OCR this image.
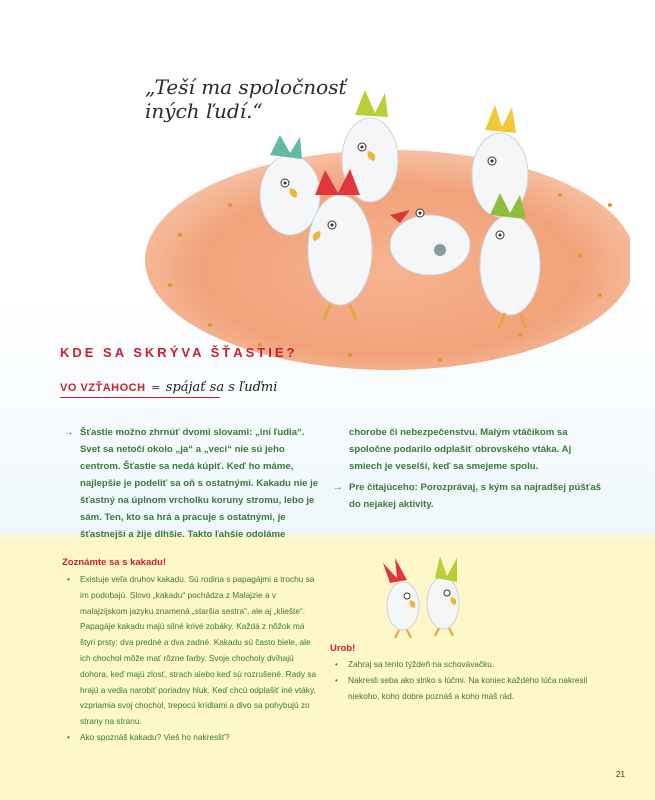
„Teší ma spoločnosť
iných ľudí.“
KDE SA SKRÝVA ŠŤASTIE?
VO VZŤAHOCH = spájať sa s ľuďmi
→ Šťastie možno zhrnúť dvomi slovami: „iní ľudia“. Svet sa netočí okolo „ja“ a „veci“ nie sú jeho centrom. Šťastie sa nedá kúpiť. Keď ho máme, najlepšie je podeliť sa oň s ostatnými. Kakadu nie je šťastný na úplnom vrcholku koruny stromu, lebo je sám. Ten, kto sa hrá a pracuje s ostatnými, je šťastnejší a žije dlhšie. Takto ľahšie odoláme
chorobe či nebezpečenstvu. Malým vtáčikom sa spoločne podarilo odplašiť obrovského vtáka. Aj smiech je veselší, keď sa smejeme spolu.
→ Pre čitajúceho: Porozprávaj, s kým sa najradšej púšťaš do nejakej aktivity.
Zoznámte sa s kakadu!
• Existuje veľa druhov kakadu. Sú rodina s papagájmi a trochu sa im podobajú. Slovo „kakadu“ pochádza z Malajzie a v malajzijskom jazyku znamená „staršia sestra“, ale aj „kliešte“. Papagáje kakadu majú silné krivé zobáky. Každá z nôžok má štyri prsty: dva predné a dva zadné. Kakadu sú často biele, ale ich chochol môže mať rôzne farby. Svoje chocholy dvíhajú dohora, keď majú zlosť, strach alebo keď sú rozrušené. Rady sa hrajú a vedia narobiť poriadny hluk. Keď chcú odplašiť iné vtáky, vzpriamia svoj chochol, trepocú krídlami a divo sa pohybujú zo strany na stranu.
• Ako spoznáš kakadu? Vieš ho nakresliť?
Urob!
• Zahraj sa tento týždeň na schovávačku.
• Nakresli seba ako slnko s lúčmi. Na koniec každého lúča nakresli niekoho, koho dobre poznáš a koho máš rád.
21
